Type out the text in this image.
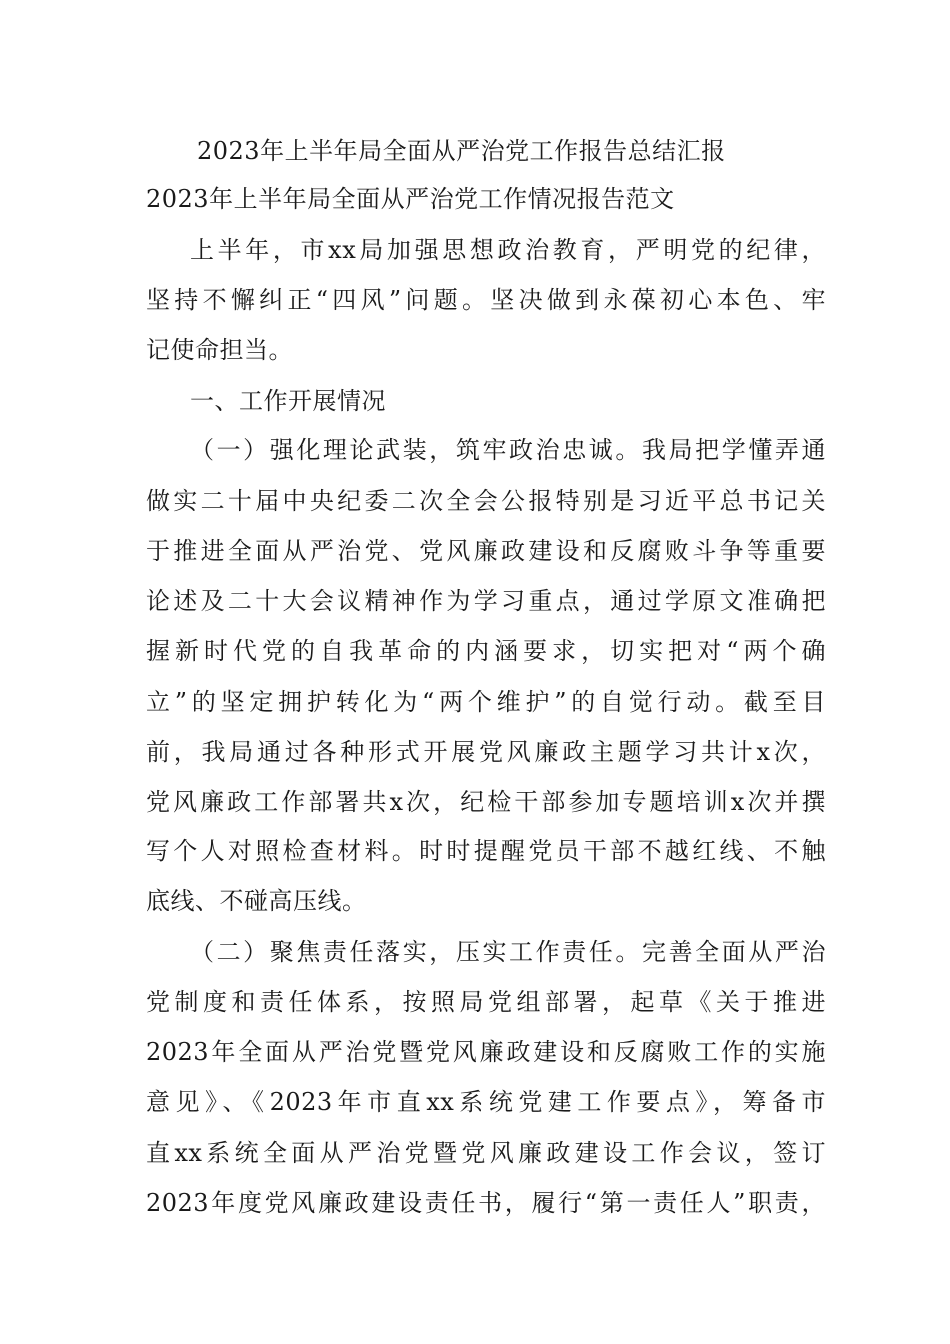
2023年上半年局全面从严治党工作报告总结汇报
2023年上半年局全面从严治党工作情况报告范文
上半年，市xx局加强思想政治教育，严明党的纪律，
坚持不懈纠正“四风”问题。坚决做到永葆初心本色、牢
记使命担当。
一、工作开展情况
（一）强化理论武装，筑牢政治忠诚。我局把学懂弄通
做实二十届中央纪委二次全会公报特别是习近平总书记关
于推进全面从严治党、党风廉政建设和反腐败斗争等重要
论述及二十大会议精神作为学习重点，通过学原文准确把
握新时代党的自我革命的内涵要求，切实把对“两个确
立”的坚定拥护转化为“两个维护”的自觉行动。截至目
前，我局通过各种形式开展党风廉政主题学习共计x次，
党风廉政工作部署共x次，纪检干部参加专题培训x次并撰
写个人对照检查材料。时时提醒党员干部不越红线、不触
底线、不碰高压线。
（二）聚焦责任落实，压实工作责任。完善全面从严治
党制度和责任体系，按照局党组部署，起草《关于推进
2023年全面从严治党暨党风廉政建设和反腐败工作的实施
意见》、《2023年市直xx系统党建工作要点》，筹备市
直xx系统全面从严治党暨党风廉政建设工作会议，签订
2023年度党风廉政建设责任书，履行“第一责任人”职责，
